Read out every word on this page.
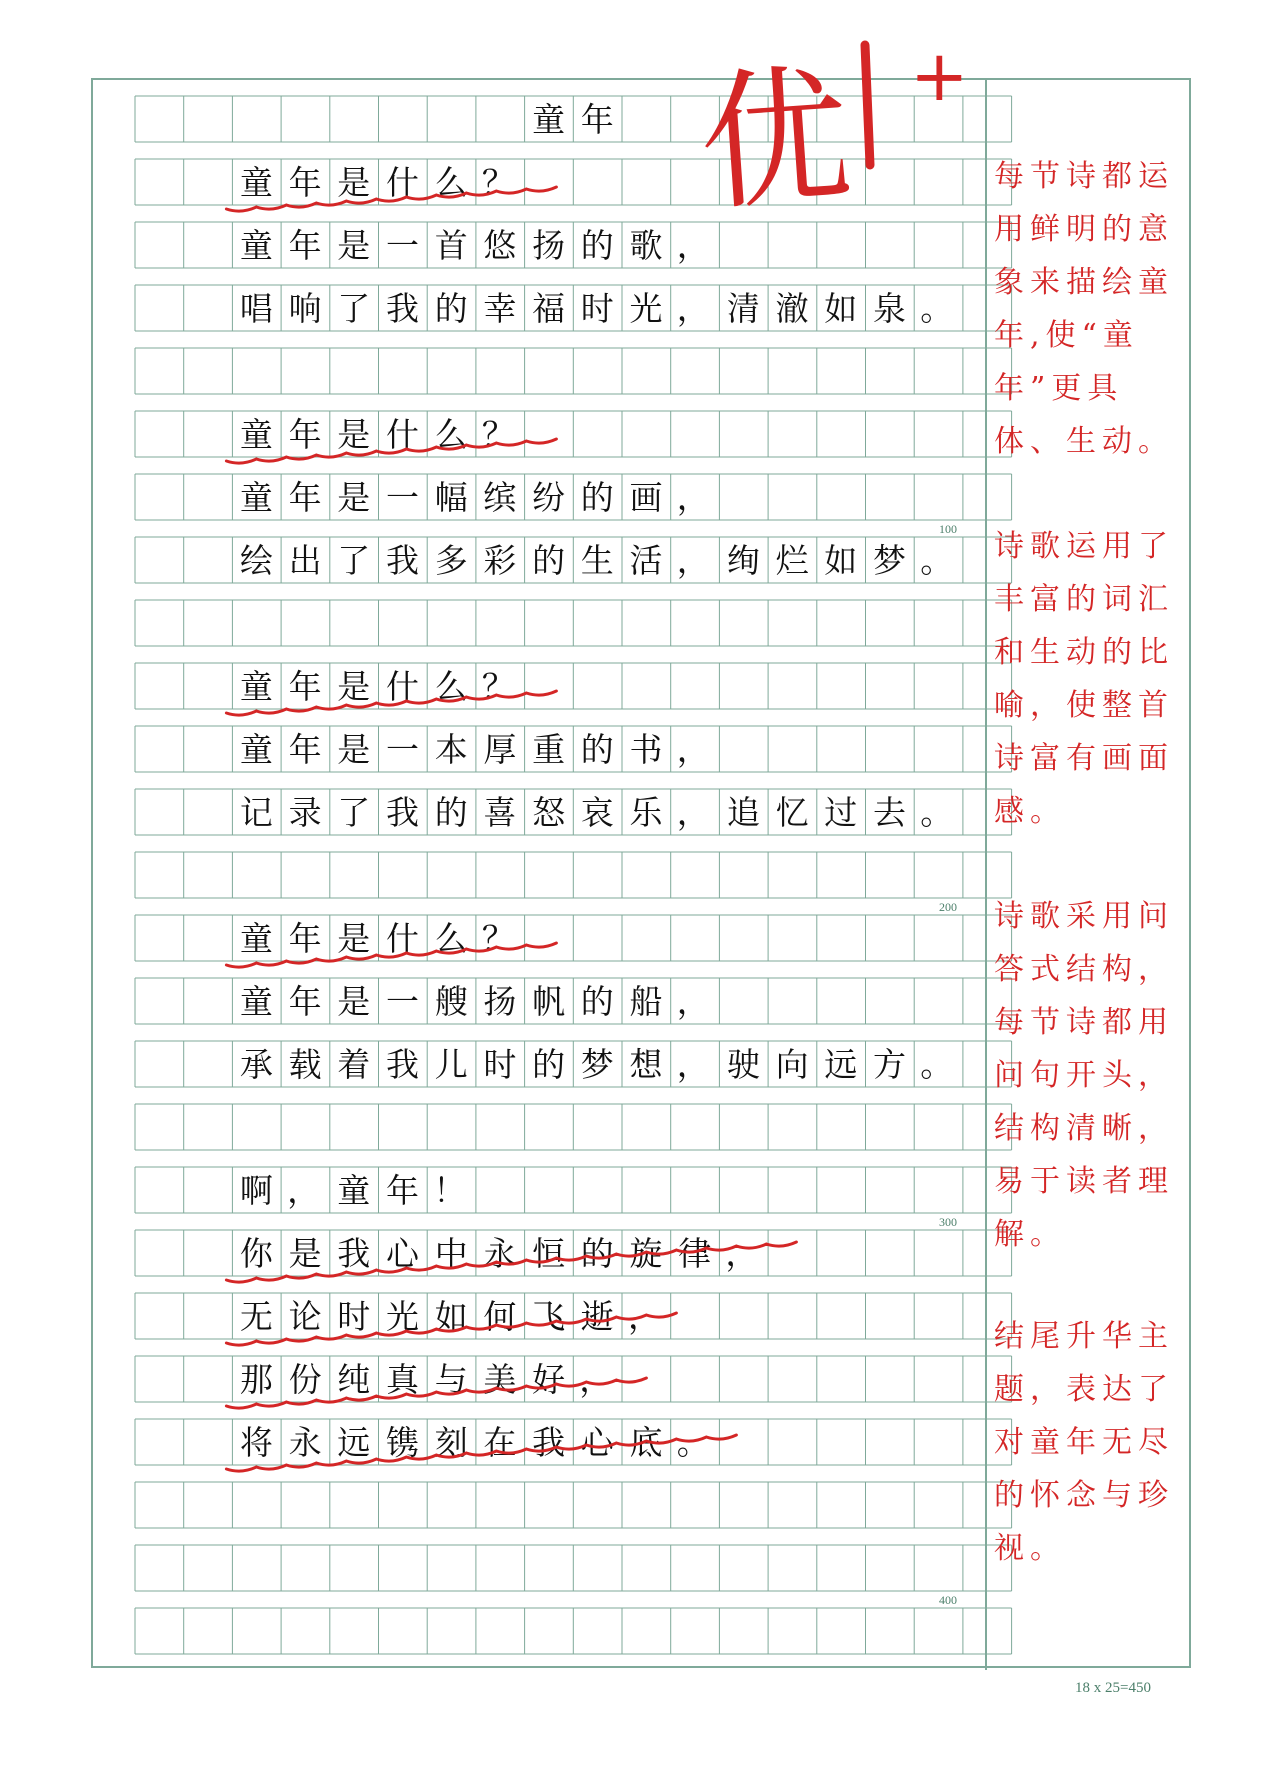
童 年
童 年 是 什 么 ？
童 年 是 一 首 悠 扬 的 歌 ，
唱 响 了 我 的 幸 福 时 光 ， 清 澈 如 泉 。
童 年 是 什 么 ？
童 年 是 一 幅 缤 纷 的 画 ，
绘 出 了 我 多 彩 的 生 活 ， 绚 烂 如 梦 。
童 年 是 什 么 ？
童 年 是 一 本 厚 重 的 书 ，
记 录 了 我 的 喜 怒 哀 乐 ， 追 忆 过 去 。
童 年 是 什 么 ？
童 年 是 一 艘 扬 帆 的 船 ，
承 载 着 我 儿 时 的 梦 想 ， 驶 向 远 方 。
啊 ， 童 年 ！
你 是 我 心 中 永 恒 的 旋 律 ，
无 论 时 光 如 何 飞 逝 ，
那 份 纯 真 与 美 好 ，
将 永 远 镌 刻 在 我 心 底 。
100
200
300
400
优 +
每节诗都运用鲜明的意象来描绘童年,使“童年”更具体、生动。
诗歌运用了丰富的词汇和生动的比喻，使整首诗富有画面感。
诗歌采用问答式结构，每节诗都用问句开头，结构清晰，易于读者理解。
结尾升华主题，表达了对童年无尽的怀念与珍视。
18 x 25=450
